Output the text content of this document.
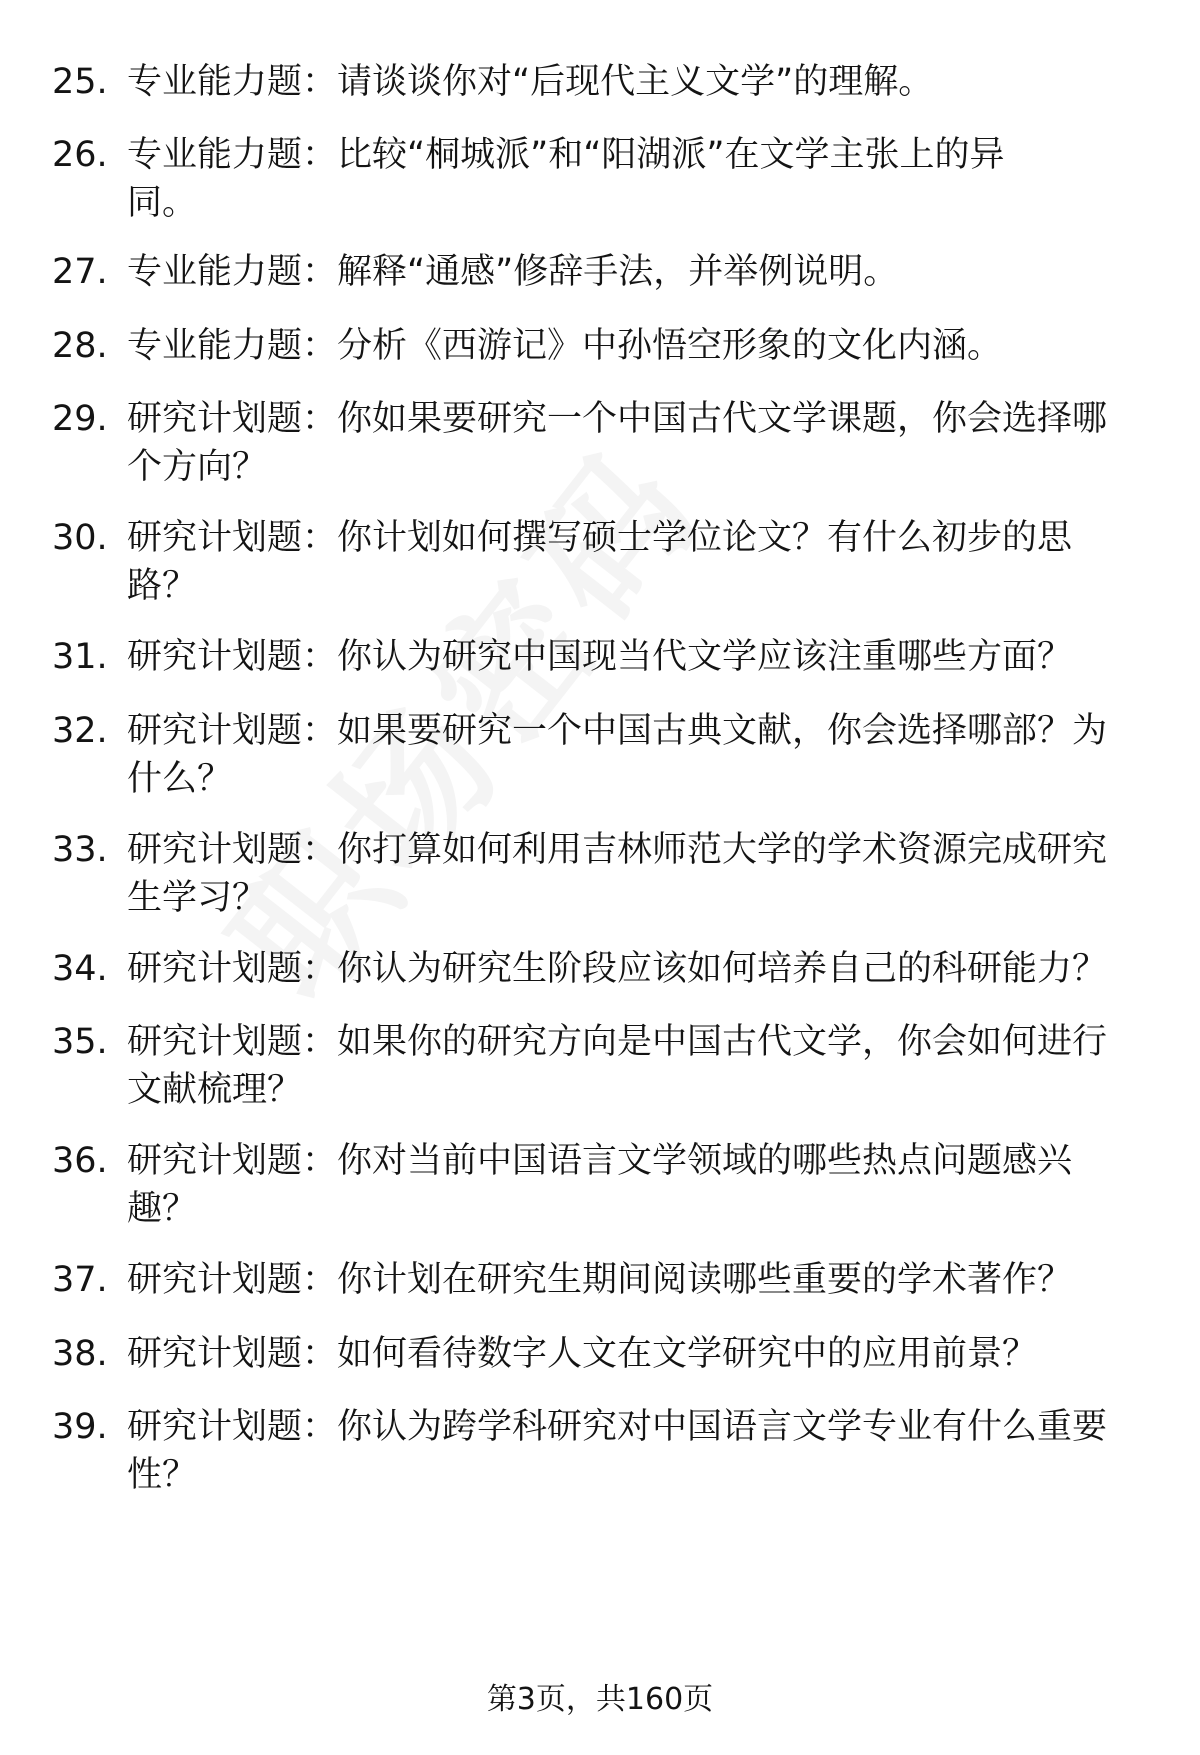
25. 专业能力题：请谈谈你对“后现代主义文学”的理解。
26. 专业能力题：比较“桐城派”和“阳湖派”在文学主张上的异
同。
27. 专业能力题：解释“通感”修辞手法，并举例说明。
28. 专业能力题：分析《西游记》中孙悟空形象的文化内涵。
29. 研究计划题：你如果要研究一个中国古代文学课题，你会选择哪
个方向？
30. 研究计划题：你计划如何撰写硕士学位论文？有什么初步的思
路？
31. 研究计划题：你认为研究中国现当代文学应该注重哪些方面？
32. 研究计划题：如果要研究一个中国古典文献，你会选择哪部？为
什么？
33. 研究计划题：你打算如何利用吉林师范大学的学术资源完成研究
生学习？
34. 研究计划题：你认为研究生阶段应该如何培养自己的科研能力？
35. 研究计划题：如果你的研究方向是中国古代文学，你会如何进行
文献梳理？
36. 研究计划题：你对当前中国语言文学领域的哪些热点问题感兴
趣？
37. 研究计划题：你计划在研究生期间阅读哪些重要的学术著作？
38. 研究计划题：如何看待数字人文在文学研究中的应用前景？
39. 研究计划题：你认为跨学科研究对中国语言文学专业有什么重要
性？
第3页，共160页
